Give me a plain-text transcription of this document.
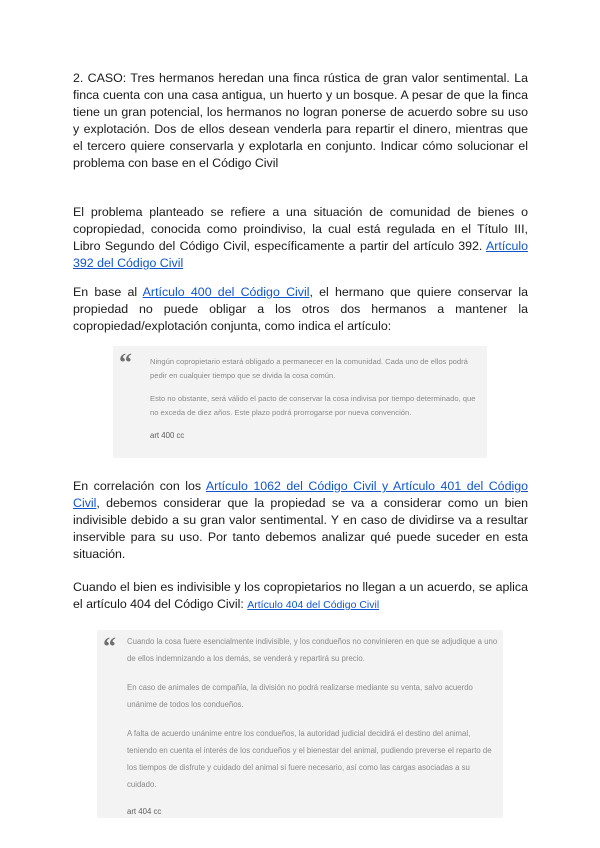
2. CASO: Tres hermanos heredan una finca rústica de gran valor sentimental. La finca cuenta con una casa antigua, un huerto y un bosque. A pesar de que la finca tiene un gran potencial, los hermanos no logran ponerse de acuerdo sobre su uso y explotación. Dos de ellos desean venderla para repartir el dinero, mientras que el tercero quiere conservarla y explotarla en conjunto. Indicar cómo solucionar el problema con base en el Código Civil

El problema planteado se refiere a una situación de comunidad de bienes o copropiedad, conocida como proindiviso, la cual está regulada en el Título III, Libro Segundo del Código Civil, específicamente a partir del artículo 392. Artículo 392 del Código Civil

En base al Artículo 400 del Código Civil, el hermano que quiere conservar la propiedad no puede obligar a los otros dos hermanos a mantener la copropiedad/explotación conjunta, como indica el artículo:

“ Ningún copropietario estará obligado a permanecer en la comunidad. Cada uno de ellos podrá pedir en cualquier tiempo que se divida la cosa común.
Esto no obstante, será válido el pacto de conservar la cosa indivisa por tiempo determinado, que no exceda de diez años. Este plazo podrá prorrogarse por nueva convención.
art 400 cc

En correlación con los Artículo 1062 del Código Civil y Artículo 401 del Código Civil, debemos considerar que la propiedad se va a considerar como un bien indivisible debido a su gran valor sentimental. Y en caso de dividirse va a resultar inservible para su uso. Por tanto debemos analizar qué puede suceder en esta situación.

Cuando el bien es indivisible y los copropietarios no llegan a un acuerdo, se aplica el artículo 404 del Código Civil: Artículo 404 del Código Civil

“ Cuando la cosa fuere esencialmente indivisible, y los condueños no convinieren en que se adjudique a uno de ellos indemnizando a los demás, se venderá y repartirá su precio.
En caso de animales de compañía, la división no podrá realizarse mediante su venta, salvo acuerdo unánime de todos los condueños.
A falta de acuerdo unánime entre los condueños, la autoridad judicial decidirá el destino del animal, teniendo en cuenta el interés de los condueños y el bienestar del animal, pudiendo preverse el reparto de los tiempos de disfrute y cuidado del animal si fuere necesario, así como las cargas asociadas a su cuidado.
art 404 cc
